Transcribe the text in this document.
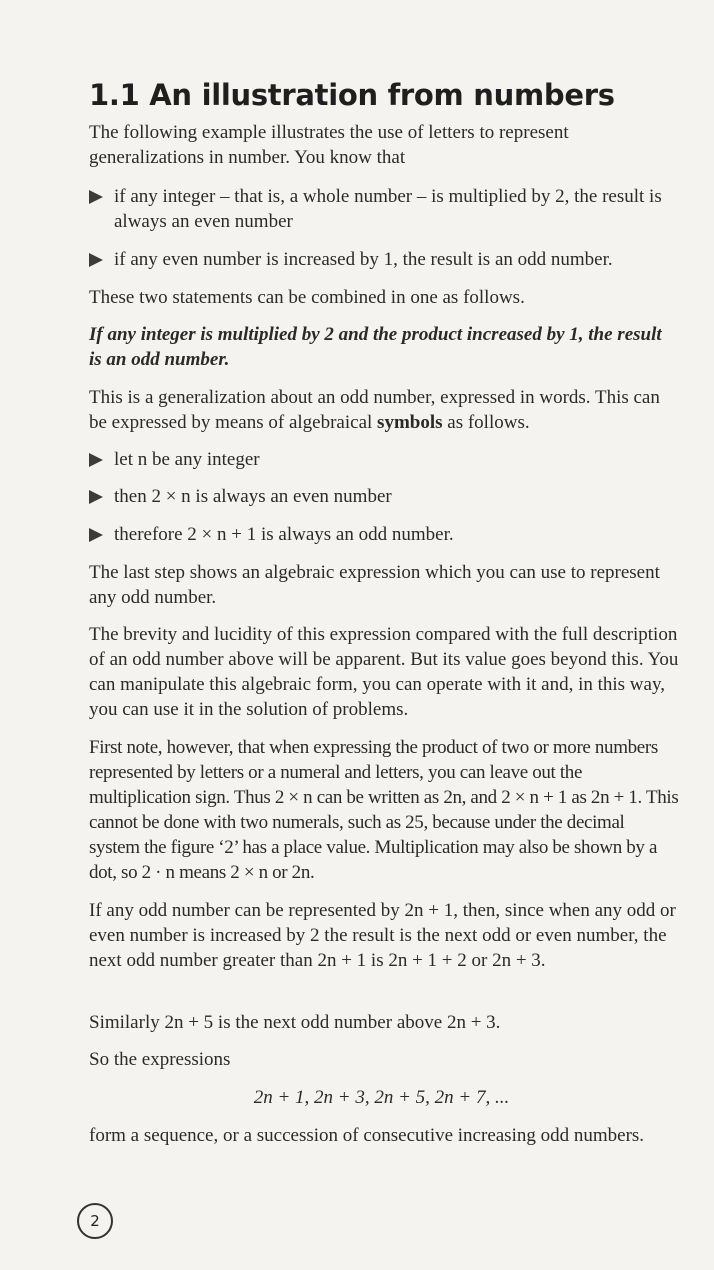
1.1 An illustration from numbers

The following example illustrates the use of letters to represent generalizations in number. You know that

if any integer – that is, a whole number – is multiplied by 2, the result is always an even number
if any even number is increased by 1, the result is an odd number.

These two statements can be combined in one as follows.

If any integer is multiplied by 2 and the product increased by 1, the result is an odd number.

This is a generalization about an odd number, expressed in words. This can be expressed by means of algebraical symbols as follows.

let n be any integer
then 2 × n is always an even number
therefore 2 × n + 1 is always an odd number.

The last step shows an algebraic expression which you can use to represent any odd number.

The brevity and lucidity of this expression compared with the full description of an odd number above will be apparent. But its value goes beyond this. You can manipulate this algebraic form, you can operate with it and, in this way, you can use it in the solution of problems.

First note, however, that when expressing the product of two or more numbers represented by letters or a numeral and letters, you can leave out the multiplication sign. Thus 2 × n can be written as 2n, and 2 × n + 1 as 2n + 1. This cannot be done with two numerals, such as 25, because under the decimal system the figure ‘2’ has a place value. Multiplication may also be shown by a dot, so 2 · n means 2 × n or 2n.

If any odd number can be represented by 2n + 1, then, since when any odd or even number is increased by 2 the result is the next odd or even number, the next odd number greater than 2n + 1 is 2n + 1 + 2 or 2n + 3.

Similarly 2n + 5 is the next odd number above 2n + 3.

So the expressions

2n + 1, 2n + 3, 2n + 5, 2n + 7, ...

form a sequence, or a succession of consecutive increasing odd numbers.

2
